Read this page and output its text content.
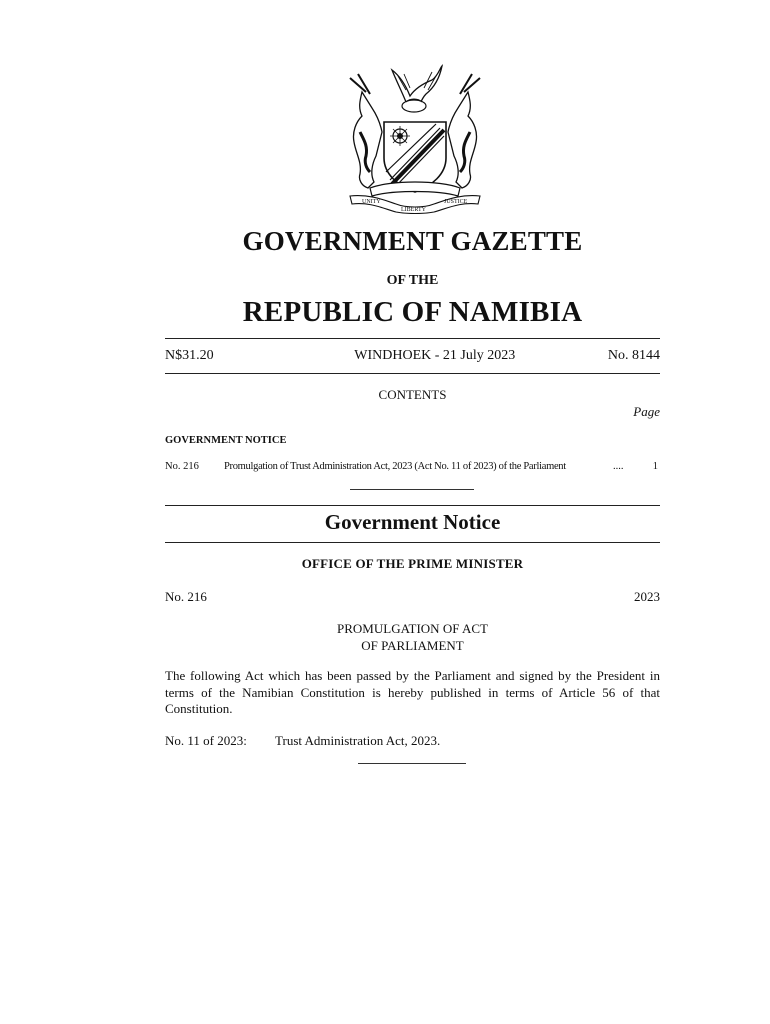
UNITY
LIBERTY
JUSTICE
GOVERNMENT GAZETTE
OF THE
REPUBLIC OF NAMIBIA
N$31.20	WINDHOEK - 21 July 2023	No. 8144
CONTENTS
Page
GOVERNMENT NOTICE
No. 216 Promulgation of Trust Administration Act, 2023 (Act No. 11 of 2023) of the Parliament	....	1
Government Notice
OFFICE OF THE PRIME MINISTER
No. 216	2023
PROMULGATION OF ACT
OF PARLIAMENT
The following Act which has been passed by the Parliament and signed by the President in terms of the Namibian Constitution is hereby published in terms of Article 56 of that Constitution.
No. 11 of 2023: Trust Administration Act, 2023.
